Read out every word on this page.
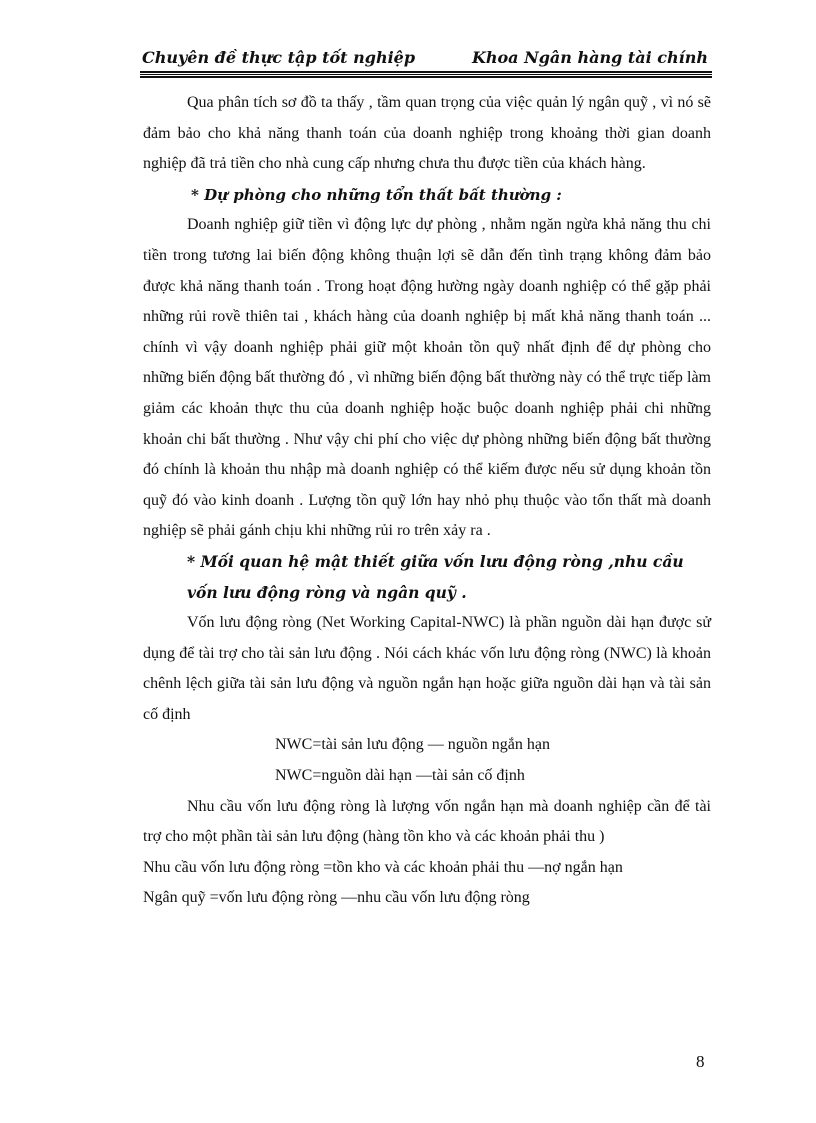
Chuyên đề thực tập tốt nghiệp	Khoa Ngân hàng tài chính

Qua phân tích sơ đồ ta thấy , tầm quan trọng của việc quản lý ngân quỹ , vì nó sẽ đảm bảo cho khả năng thanh toán của doanh nghiệp trong khoảng thời gian doanh nghiệp đã trả tiền cho nhà cung cấp nhưng chưa thu được tiền của khách hàng.

* Dự phòng cho những tổn thất bất thường :

Doanh nghiệp giữ tiền vì động lực dự phòng , nhằm ngăn ngừa khả năng thu chi tiền trong tương lai biến động không thuận lợi sẽ dẫn đến tình trạng không đảm bảo được khả năng thanh toán . Trong hoạt động hường ngày doanh nghiệp có thể gặp phải những rủi rovề thiên tai , khách hàng của doanh nghiệp bị mất khả năng thanh toán ... chính vì vậy doanh nghiệp phải giữ một khoản tồn quỹ nhất định để dự phòng cho những biến động bất thường đó , vì những biến động bất thường này có thể trực tiếp làm giảm các khoản thực thu của doanh nghiệp hoặc buộc doanh nghiệp phải chi những khoản chi bất thường . Như vậy chi phí cho việc dự phòng những biến động bất thường đó chính là khoản thu nhập mà doanh nghiệp có thể kiếm được nếu sử dụng khoản tồn quỹ đó vào kinh doanh . Lượng tồn quỹ lớn hay nhỏ phụ thuộc vào tổn thất mà doanh nghiệp sẽ phải gánh chịu khi những rủi ro trên xảy ra .

* Mối quan hệ mật thiết giữa vốn lưu động ròng ,nhu cầu vốn lưu động ròng và ngân quỹ .

Vốn lưu động ròng (Net Working Capital-NWC) là phần nguồn dài hạn được sử dụng để tài trợ cho tài sản lưu động . Nói cách khác vốn lưu động ròng (NWC) là khoản chênh lệch giữa tài sản lưu động và nguồn ngắn hạn hoặc giữa nguồn dài hạn và tài sản cố định

NWC=tài sản lưu động — nguồn ngắn hạn

NWC=nguồn dài hạn —tài sản cố định

Nhu cầu vốn lưu động ròng là lượng vốn ngắn hạn mà doanh nghiệp cần để tài trợ cho một phần tài sản lưu động (hàng tồn kho và các khoản phải thu )

Nhu cầu vốn lưu động ròng =tồn kho và các khoản phải thu —nợ ngắn hạn

Ngân quỹ =vốn lưu động ròng —nhu cầu vốn lưu động ròng

8
